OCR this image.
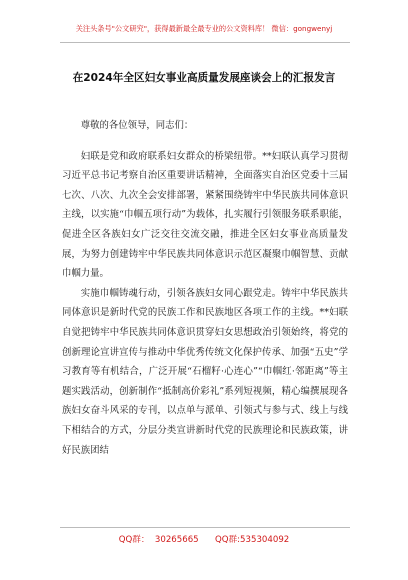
关注头条号"公文研究"，获得最新最全最专业的公文资料库！ 微信：gongwenyj
在2024年全区妇女事业高质量发展座谈会上的汇报发言

尊敬的各位领导，同志们：

妇联是党和政府联系妇女群众的桥梁纽带。**妇联认真学习贯彻习近平总书记考察自治区重要讲话精神，全面落实自治区党委十三届七次、八次、九次全会安排部署，紧紧围绕铸牢中华民族共同体意识主线，以实施“巾帼五项行动”为载体，扎实履行引领服务联系职能，促进全区各族妇女广泛交往交流交融，推进全区妇女事业高质量发展，为努力创建铸牢中华民族共同体意识示范区凝聚巾帼智慧、贡献巾帼力量。

实施巾帼铸魂行动，引领各族妇女同心跟党走。铸牢中华民族共同体意识是新时代党的民族工作和民族地区各项工作的主线。**妇联自觉把铸牢中华民族共同体意识贯穿妇女思想政治引领始终，将党的创新理论宣讲宣传与推动中华优秀传统文化保护传承、加强“五史”学习教育等有机结合，广泛开展“石榴籽·心连心”“巾帼红·邻距离”等主题实践活动，创新制作“抵制高价彩礼”系列短视频，精心编撰展现各族妇女奋斗风采的专刊，以点单与派单、引领式与参与式、线上与线下相结合的方式，分层分类宣讲新时代党的民族理论和民族政策，讲好民族团结

QQ群：  30265665      QQ群:535304092
